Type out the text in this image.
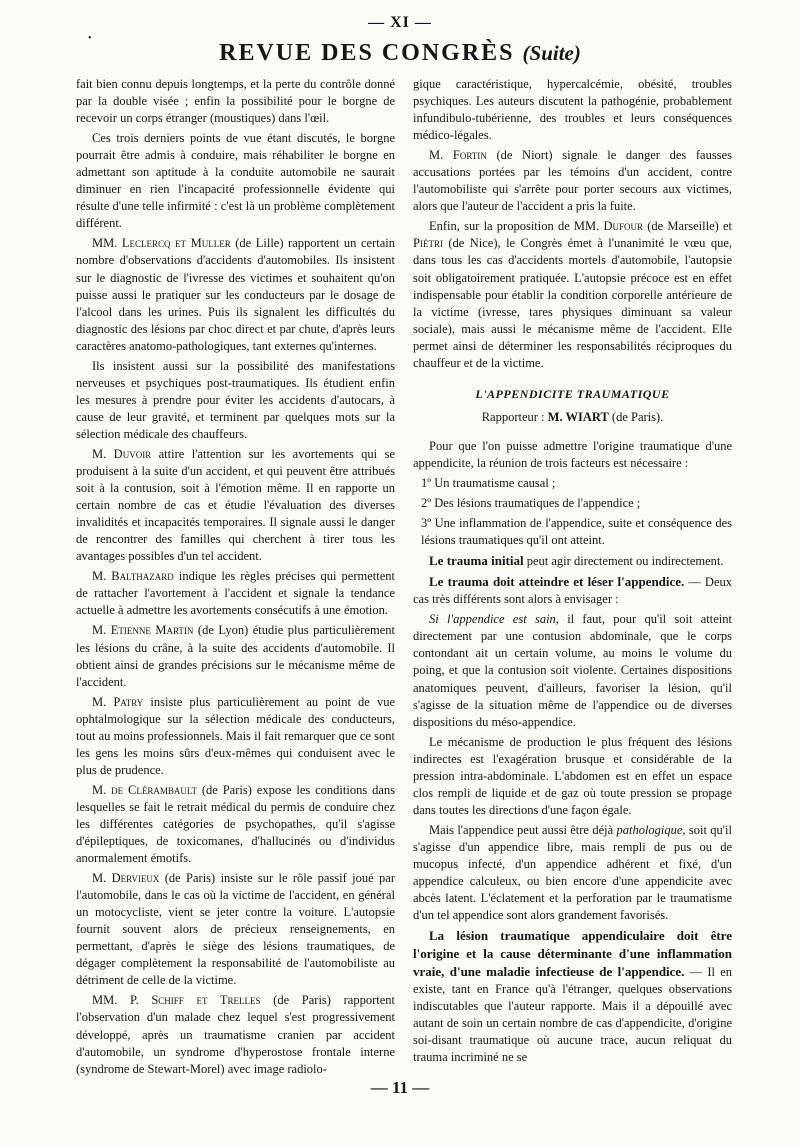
— XI —
•
REVUE DES CONGRÈS (Suite)

fait bien connu depuis longtemps, et la perte du contrôle donné par la double visée ; enfin la possibilité pour le borgne de recevoir un corps étranger (moustiques) dans l'œil.

Ces trois derniers points de vue étant discutés, le borgne pourrait être admis à conduire, mais réhabiliter le borgne en admettant son aptitude à la conduite automobile ne saurait diminuer en rien l'incapacité professionnelle évidente qui résulte d'une telle infirmité : c'est là un problème complètement différent.

MM. Leclercq et Muller (de Lille) rapportent un certain nombre d'observations d'accidents d'automobiles. Ils insistent sur le diagnostic de l'ivresse des victimes et souhaitent qu'on puisse aussi le pratiquer sur les conducteurs par le dosage de l'alcool dans les urines. Puis ils signalent les difficultés du diagnostic des lésions par choc direct et par chute, d'après leurs caractères anatomo-pathologiques, tant externes qu'internes.

Ils insistent aussi sur la possibilité des manifestations nerveuses et psychiques post-traumatiques. Ils étudient enfin les mesures à prendre pour éviter les accidents d'autocars, à cause de leur gravité, et terminent par quelques mots sur la sélection médicale des chauffeurs.

M. Duvoir attire l'attention sur les avortements qui se produisent à la suite d'un accident, et qui peuvent être attribués soit à la contusion, soit à l'émotion même. Il en rapporte un certain nombre de cas et étudie l'évaluation des diverses invalidités et incapacités temporaires. Il signale aussi le danger de rencontrer des familles qui cherchent à tirer tous les avantages possibles d'un tel accident.

M. Balthazard indique les règles précises qui permettent de rattacher l'avortement à l'accident et signale la tendance actuelle à admettre les avortements consécutifs à une émotion.

M. Etienne Martin (de Lyon) étudie plus particulièrement les lésions du crâne, à la suite des accidents d'automobile. Il obtient ainsi de grandes précisions sur le mécanisme même de l'accident.

M. Patry insiste plus particulièrement au point de vue ophtalmologique sur la sélection médicale des conducteurs, tout au moins professionnels. Mais il fait remarquer que ce sont les gens les moins sûrs d'eux-mêmes qui conduisent avec le plus de prudence.

M. de Clérambault (de Paris) expose les conditions dans lesquelles se fait le retrait médical du permis de conduire chez les différentes catégories de psychopathes, qu'il s'agisse d'épileptiques, de toxicomanes, d'hallucinés ou d'individus anormalement émotifs.

M. Dervieux (de Paris) insiste sur le rôle passif joué par l'automobile, dans le cas où la victime de l'accident, en général un motocycliste, vient se jeter contre la voiture. L'autopsie fournit souvent alors de précieux renseignements, en permettant, d'après le siège des lésions traumatiques, de dégager complètement la responsabilité de l'automobiliste au détriment de celle de la victime.

MM. P. Schiff et Trelles (de Paris) rapportent l'observation d'un malade chez lequel s'est progressivement développé, après un traumatisme cranien par accident d'automobile, un syndrome d'hyperostose frontale interne (syndrome de Stewart-Morel) avec image radiolo-

gique caractéristique, hypercalcémie, obésité, troubles psychiques. Les auteurs discutent la pathogénie, probablement infundibulo-tubérienne, des troubles et leurs conséquences médico-légales.

M. Fortin (de Niort) signale le danger des fausses accusations portées par les témoins d'un accident, contre l'automobiliste qui s'arrête pour porter secours aux victimes, alors que l'auteur de l'accident a pris la fuite.

Enfin, sur la proposition de MM. Dufour (de Marseille) et Piétri (de Nice), le Congrès émet à l'unanimité le vœu que, dans tous les cas d'accidents mortels d'automobile, l'autopsie soit obligatoirement pratiquée. L'autopsie précoce est en effet indispensable pour établir la condition corporelle antérieure de la victime (ivresse, tares physiques diminuant sa valeur sociale), mais aussi le mécanisme même de l'accident. Elle permet ainsi de déterminer les responsabilités réciproques du chauffeur et de la victime.

L'APPENDICITE TRAUMATIQUE
Rapporteur : M. WIART (de Paris).

Pour que l'on puisse admettre l'origine traumatique d'une appendicite, la réunion de trois facteurs est nécessaire :

1º Un traumatisme causal ;

2º Des lésions traumatiques de l'appendice ;

3º Une inflammation de l'appendice, suite et conséquence des lésions traumatiques qu'il ont atteint.

Le trauma initial peut agir directement ou indirectement.

Le trauma doit atteindre et léser l'appendice. — Deux cas très différents sont alors à envisager :

Si l'appendice est sain, il faut, pour qu'il soit atteint directement par une contusion abdominale, que le corps contondant ait un certain volume, au moins le volume du poing, et que la contusion soit violente. Certaines dispositions anatomiques peuvent, d'ailleurs, favoriser la lésion, qu'il s'agisse de la situation même de l'appendice ou de diverses dispositions du méso-appendice.

Le mécanisme de production le plus fréquent des lésions indirectes est l'exagération brusque et considérable de la pression intra-abdominale. L'abdomen est en effet un espace clos rempli de liquide et de gaz où toute pression se propage dans toutes les directions d'une façon égale.

Mais l'appendice peut aussi être déjà pathologique, soit qu'il s'agisse d'un appendice libre, mais rempli de pus ou de mucopus infecté, d'un appendice adhérent et fixé, d'un appendice calculeux, ou bien encore d'une appendicite avec abcès latent. L'éclatement et la perforation par le traumatisme d'un tel appendice sont alors grandement favorisés.

La lésion traumatique appendiculaire doit être l'origine et la cause déterminante d'une inflammation vraie, d'une maladie infectieuse de l'appendice. — Il en existe, tant en France qu'à l'étranger, quelques observations indiscutables que l'auteur rapporte. Mais il a dépouillé avec autant de soin un certain nombre de cas d'appendicite, d'origine soi-disant traumatique où aucune trace, aucun reliquat du trauma incriminé ne se

— 11 —
